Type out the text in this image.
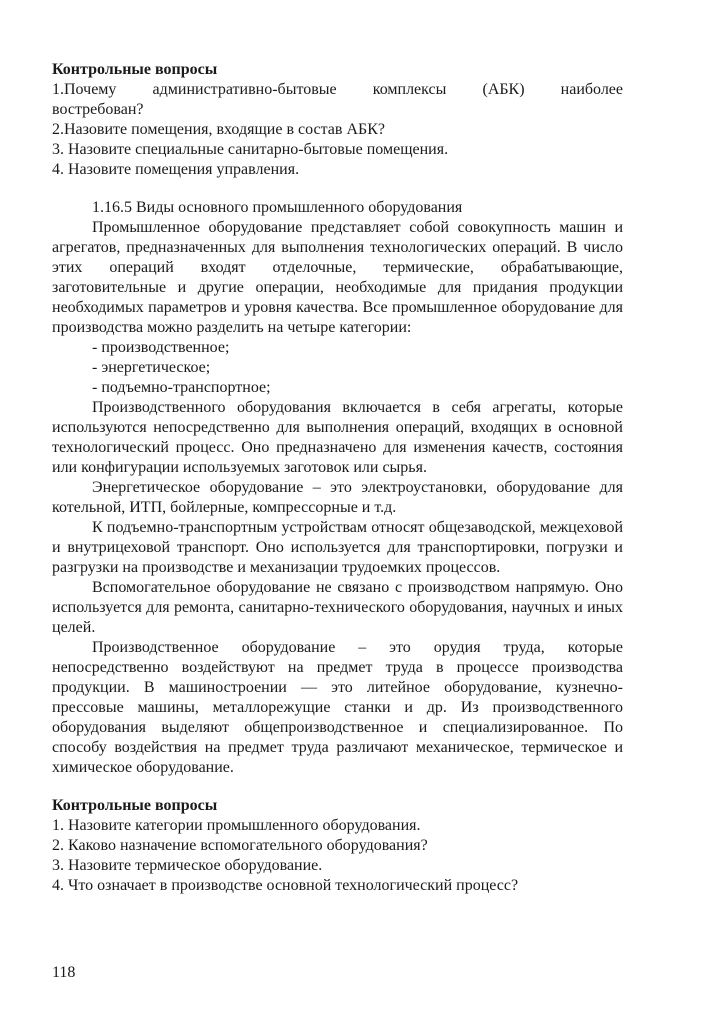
Контрольные вопросы

1.Почему административно-бытовые комплексы (АБК) наиболее

востребован?

2.Назовите помещения, входящие в состав АБК?

3. Назовите специальные санитарно-бытовые помещения.

4. Назовите помещения управления.

1.16.5 Виды основного промышленного оборудования

Промышленное оборудование представляет собой совокупность машин и агрегатов, предназначенных для выполнения технологических операций. В число этих операций входят отделочные, термические, обрабатывающие, заготовительные и другие операции, необходимые для придания продукции необходимых параметров и уровня качества. Все промышленное оборудование для производства можно разделить на четыре категории:

- производственное;

- энергетическое;

- подъемно-транспортное;

Производственного оборудования включается в себя агрегаты, которые используются непосредственно для выполнения операций, входящих в основной технологический процесс. Оно предназначено для изменения качеств, состояния или конфигурации используемых заготовок или сырья.

Энергетическое оборудование – это электроустановки, оборудование для котельной, ИТП, бойлерные, компрессорные и т.д.

К подъемно-транспортным устройствам относят общезаводской, межцеховой и внутрицеховой транспорт. Оно используется для транспортировки, погрузки и разгрузки на производстве и механизации трудоемких процессов.

Вспомогательное оборудование не связано с производством напрямую. Оно используется для ремонта, санитарно-технического оборудования, научных и иных целей.

Производственное оборудование – это орудия труда, которые непосредственно воздействуют на предмет труда в процессе производства продукции. В машиностроении — это литейное оборудование, кузнечно-прессовые машины, металлорежущие станки и др. Из производственного оборудования выделяют общепроизводственное и специализированное. По способу воздействия на предмет труда различают механическое, термическое и химическое оборудование.

Контрольные вопросы

1. Назовите категории промышленного оборудования.

2. Каково назначение вспомогательного оборудования?

3. Назовите термическое оборудование.

4. Что означает в производстве основной технологический процесс?

118
